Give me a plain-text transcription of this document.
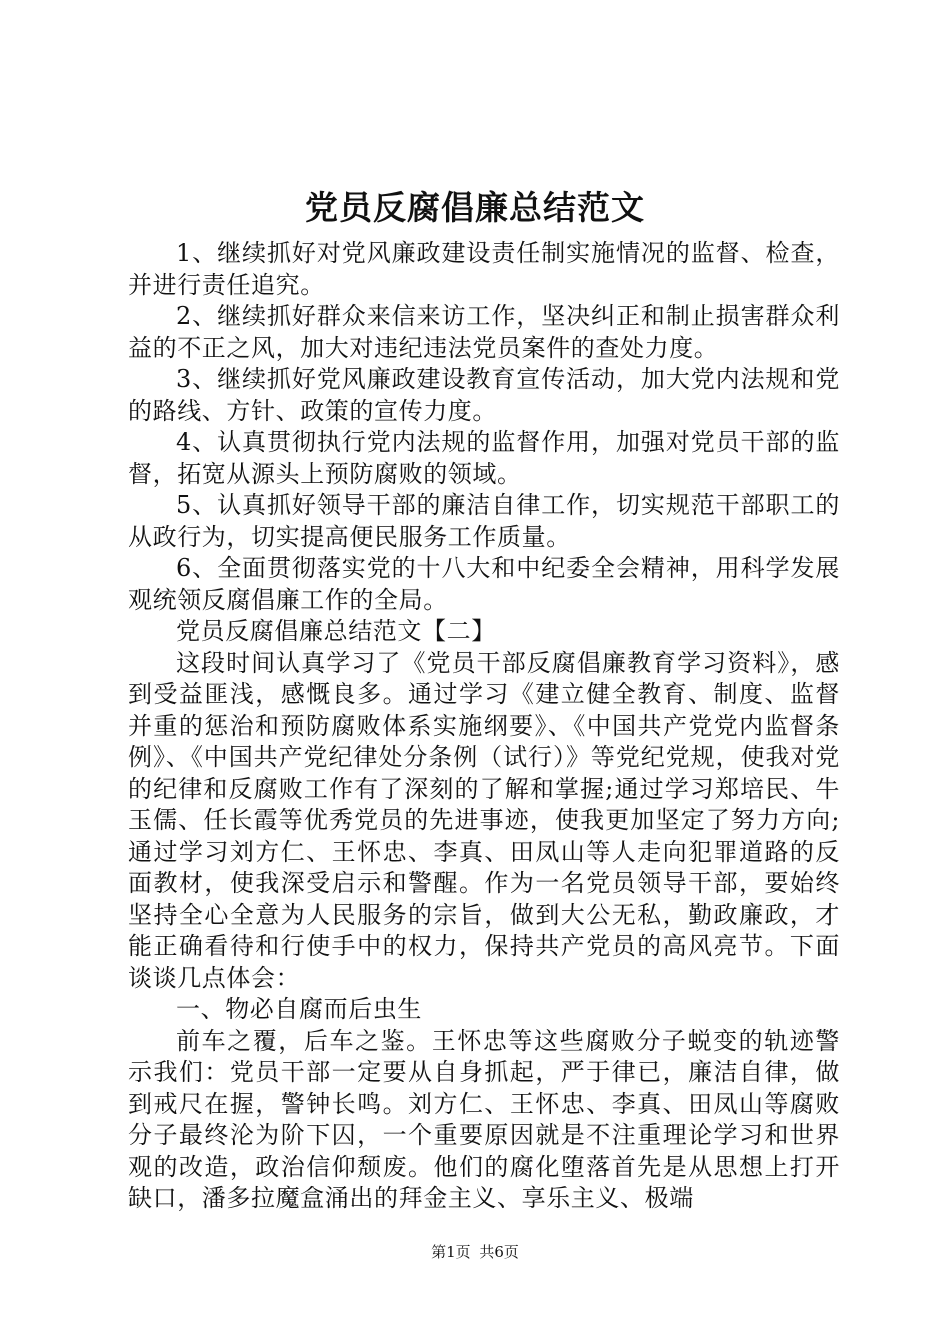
党员反腐倡廉总结范文

1、继续抓好对党风廉政建设责任制实施情况的监督、检查，并进行责任追究。

2、继续抓好群众来信来访工作，坚决纠正和制止损害群众利益的不正之风，加大对违纪违法党员案件的查处力度。

3、继续抓好党风廉政建设教育宣传活动，加大党内法规和党的路线、方针、政策的宣传力度。

4、认真贯彻执行党内法规的监督作用，加强对党员干部的监督，拓宽从源头上预防腐败的领域。

5、认真抓好领导干部的廉洁自律工作，切实规范干部职工的从政行为，切实提高便民服务工作质量。

6、全面贯彻落实党的十八大和中纪委全会精神，用科学发展观统领反腐倡廉工作的全局。

党员反腐倡廉总结范文【二】

这段时间认真学习了《党员干部反腐倡廉教育学习资料》，感到受益匪浅，感慨良多。通过学习《建立健全教育、制度、监督并重的惩治和预防腐败体系实施纲要》、《中国共产党党内监督条例》、《中国共产党纪律处分条例（试行）》等党纪党规，使我对党的纪律和反腐败工作有了深刻的了解和掌握;通过学习郑培民、牛玉儒、任长霞等优秀党员的先进事迹，使我更加坚定了努力方向;通过学习刘方仁、王怀忠、李真、田凤山等人走向犯罪道路的反面教材，使我深受启示和警醒。作为一名党员领导干部，要始终坚持全心全意为人民服务的宗旨，做到大公无私，勤政廉政，才能正确看待和行使手中的权力，保持共产党员的高风亮节。下面谈谈几点体会：

一、物必自腐而后虫生

前车之覆，后车之鉴。王怀忠等这些腐败分子蜕变的轨迹警示我们：党员干部一定要从自身抓起，严于律已，廉洁自律，做到戒尺在握，警钟长鸣。刘方仁、王怀忠、李真、田凤山等腐败分子最终沦为阶下囚，一个重要原因就是不注重理论学习和世界观的改造，政治信仰颓废。他们的腐化堕落首先是从思想上打开缺口，潘多拉魔盒涌出的拜金主义、享乐主义、极端

第1页 共6页
